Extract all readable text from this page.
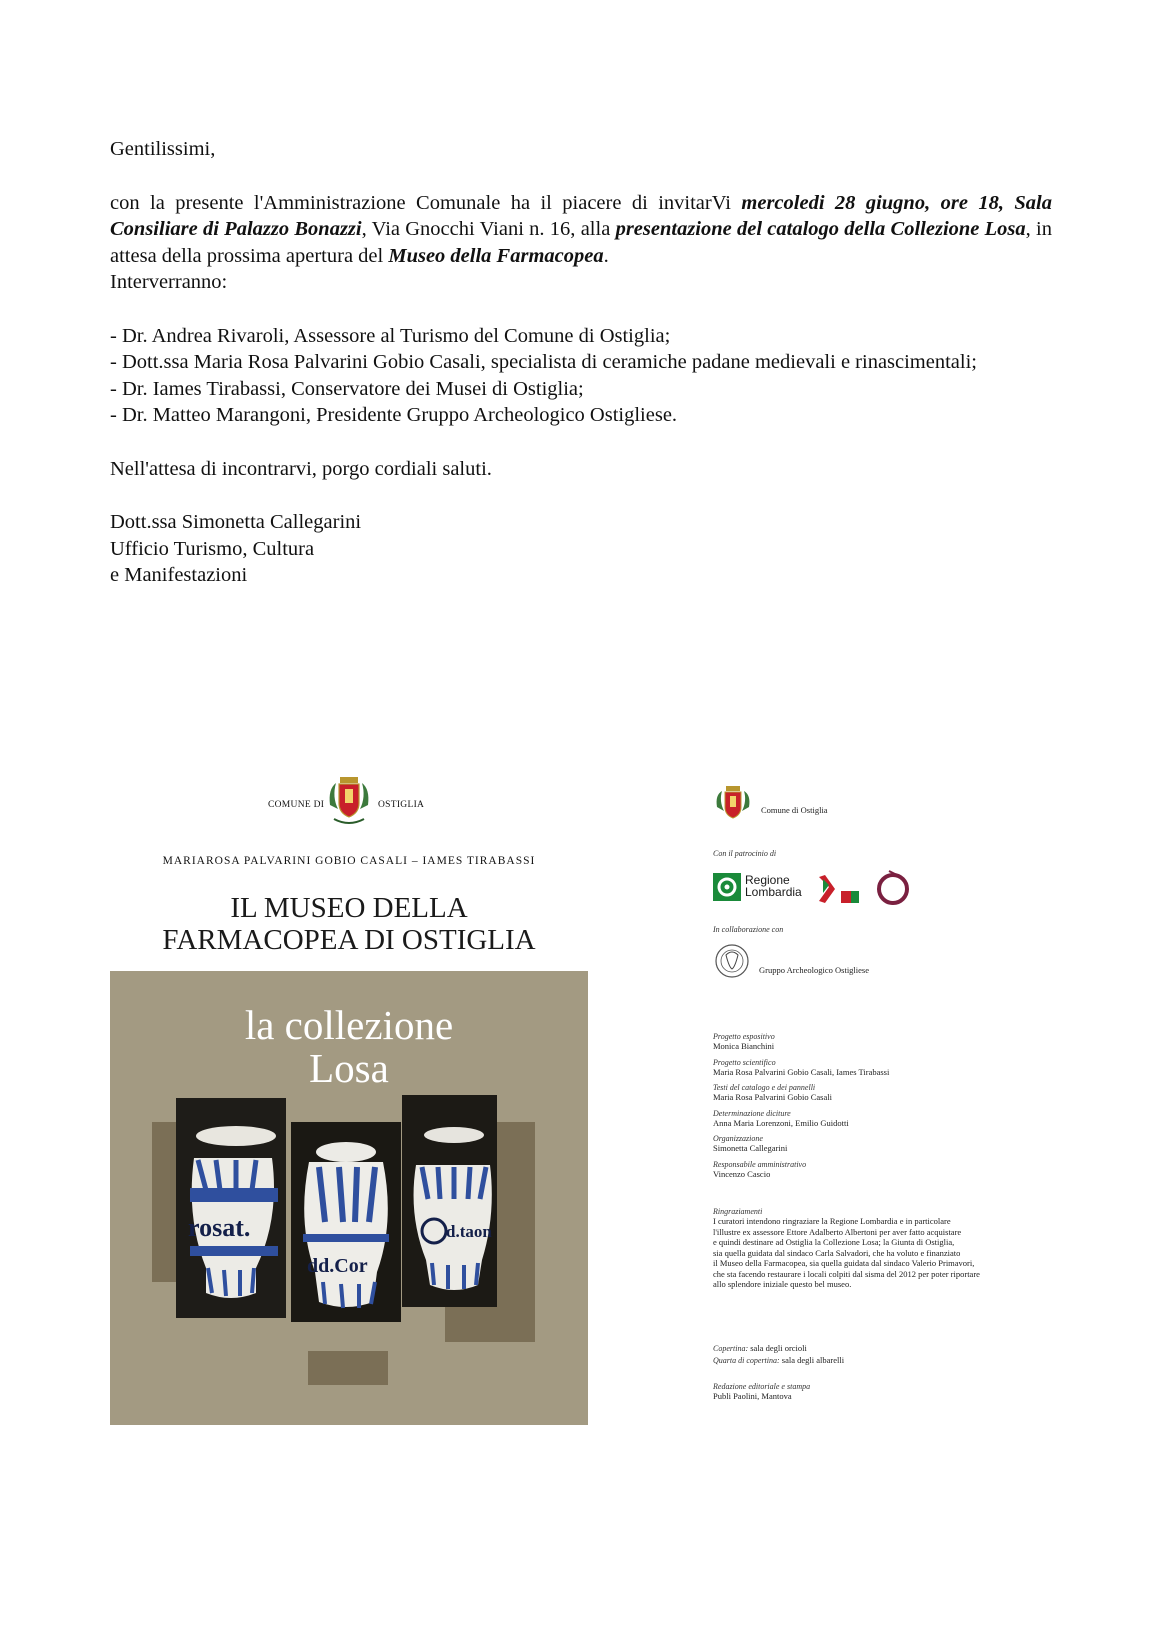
Gentilissimi,

con la presente l'Amministrazione Comunale ha il piacere di invitarVi mercoledi 28 giugno, ore 18, Sala Consiliare di Palazzo Bonazzi, Via Gnocchi Viani n. 16, alla presentazione del catalogo della Collezione Losa, in attesa della prossima apertura del Museo della Farmacopea.

Interverranno:

- Dr. Andrea Rivaroli, Assessore al Turismo del Comune di Ostiglia;

- Dott.ssa Maria Rosa Palvarini Gobio Casali, specialista di ceramiche padane medievali e rinascimentali;

- Dr. Iames Tirabassi, Conservatore dei Musei di Ostiglia;

- Dr. Matteo Marangoni, Presidente Gruppo Archeologico Ostigliese.

Nell'attesa di incontrarvi, porgo cordiali saluti.

Dott.ssa Simonetta Callegarini

Ufficio Turismo, Cultura

e Manifestazioni

COMUNE DI	OSTIGLIA
MARIAROSA PALVARINI GOBIO CASALI – IAMES TIRABASSI
IL MUSEO DELLA
FARMACOPEA DI OSTIGLIA
la collezione
Losa
rosat.
dd.Cor
d.taon
Comune di Ostiglia
Con il patrocinio di
Regione
Lombardia
In collaborazione con
Gruppo Archeologico Ostigliese
Progetto espositivo
Monica Bianchini
Progetto scientifico
Maria Rosa Palvarini Gobio Casali, Iames Tirabassi
Testi del catalogo e dei pannelli
Maria Rosa Palvarini Gobio Casali
Determinazione diciture
Anna Maria Lorenzoni, Emilio Guidotti
Organizzazione
Simonetta Callegarini
Responsabile amministrativo
Vincenzo Cascio
Ringraziamenti
I curatori intendono ringraziare la Regione Lombardia e in particolare
l'illustre ex assessore Ettore Adalberto Albertoni per aver fatto acquistare
e quindi destinare ad Ostiglia la Collezione Losa; la Giunta di Ostiglia,
sia quella guidata dal sindaco Carla Salvadori, che ha voluto e finanziato
il Museo della Farmacopea, sia quella guidata dal sindaco Valerio Primavori,
che sta facendo restaurare i locali colpiti dal sisma del 2012 per poter riportare
allo splendore iniziale questo bel museo.
Copertina: sala degli orcioli
Quarta di copertina: sala degli albarelli
Redazione editoriale e stampa
Publi Paolini, Mantova
